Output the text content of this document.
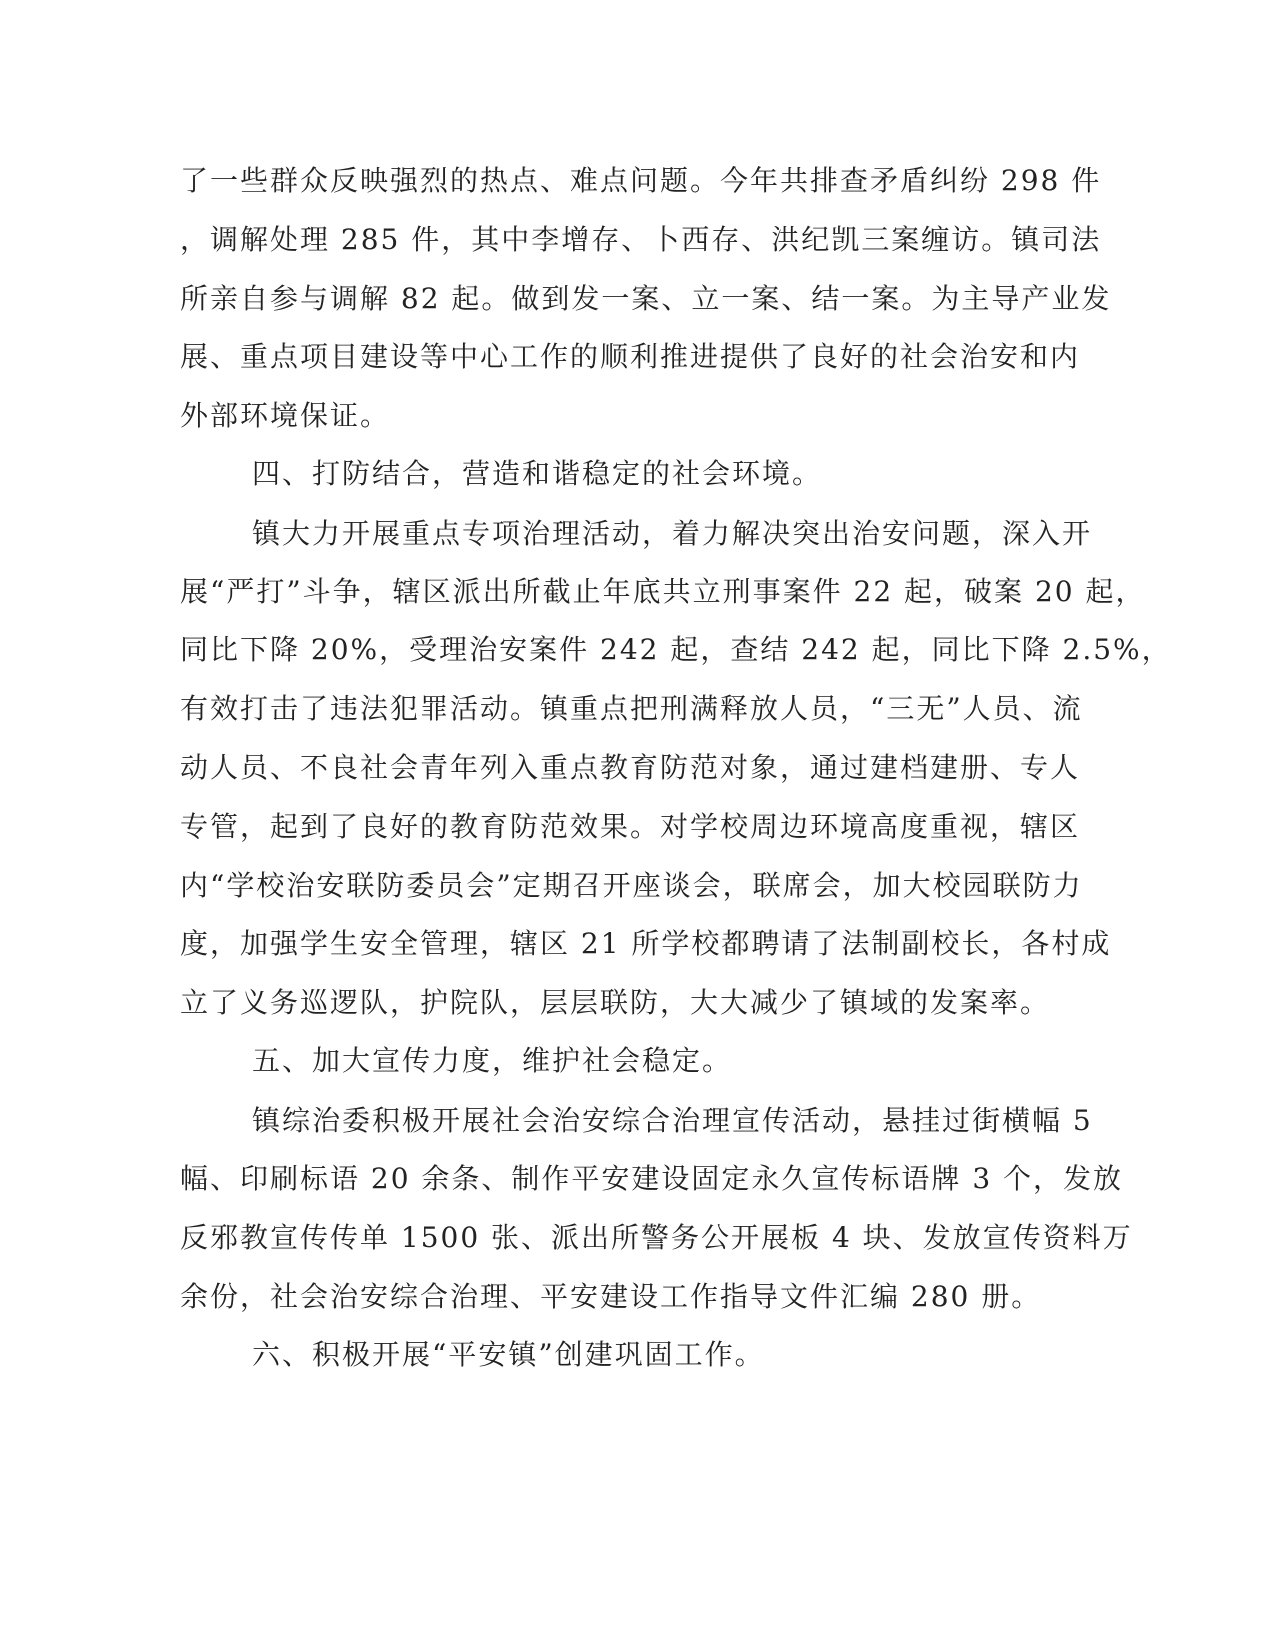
了一些群众反映强烈的热点、难点问题。今年共排查矛盾纠纷 298 件
，调解处理 285 件，其中李增存、卜西存、洪纪凯三案缠访。镇司法
所亲自参与调解 82 起。做到发一案、立一案、结一案。为主导产业发
展、重点项目建设等中心工作的顺利推进提供了良好的社会治安和内
外部环境保证。
四、打防结合，营造和谐稳定的社会环境。
镇大力开展重点专项治理活动，着力解决突出治安问题，深入开
展“严打”斗争，辖区派出所截止年底共立刑事案件 22 起，破案 20 起，
同比下降 20%，受理治安案件 242 起，查结 242 起，同比下降 2.5%，
有效打击了违法犯罪活动。镇重点把刑满释放人员，“三无”人员、流
动人员、不良社会青年列入重点教育防范对象，通过建档建册、专人
专管，起到了良好的教育防范效果。对学校周边环境高度重视，辖区
内“学校治安联防委员会”定期召开座谈会，联席会，加大校园联防力
度，加强学生安全管理，辖区 21 所学校都聘请了法制副校长，各村成
立了义务巡逻队，护院队，层层联防，大大减少了镇域的发案率。
五、加大宣传力度，维护社会稳定。
镇综治委积极开展社会治安综合治理宣传活动，悬挂过街横幅 5
幅、印刷标语 20 余条、制作平安建设固定永久宣传标语牌 3 个，发放
反邪教宣传传单 1500 张、派出所警务公开展板 4 块、发放宣传资料万
余份，社会治安综合治理、平安建设工作指导文件汇编 280 册。
六、积极开展“平安镇”创建巩固工作。
